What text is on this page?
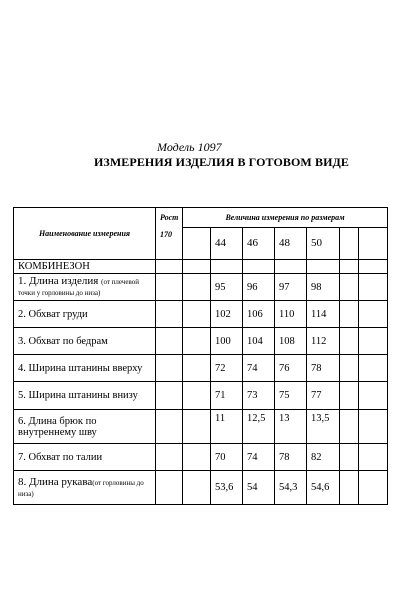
Модель 1097
ИЗМЕРЕНИЯ ИЗДЕЛИЯ В ГОТОВОМ ВИДЕ
Наименование измерения	Рост
170	Величина измерения по размерам						
			44	46	48	50		
КОМБИНЕЗОН								
1. Длина изделия (от плечевой точки у горловины до низа)			95	96	97	98		
2. Обхват груди			102	106	110	114		
3. Обхват по бедрам			100	104	108	112		
4. Ширина штанины вверху			72	74	76	78		
5. Ширина штанины внизу			71	73	75	77		
6. Длина брюк по внутреннему шву			11	12,5	13	13,5		
7. Обхват по талии			70	74	78	82		
8. Длина рукава(от горловины до низа)			53,6	54	54,3	54,6		
